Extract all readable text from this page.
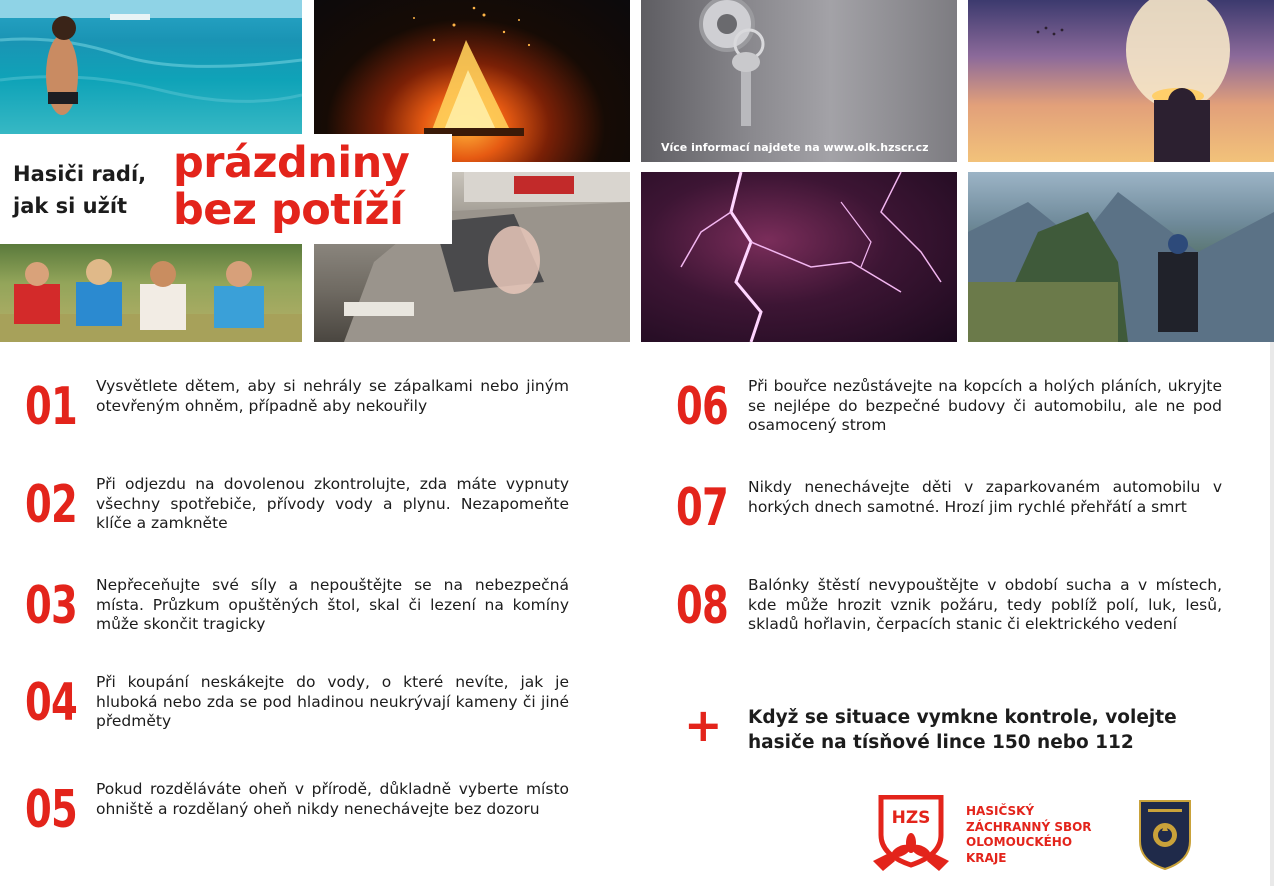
Více informací najdete na www.olk.hzscr.cz
Hasiči radí, jak si užít
prázdniny
bez potíží
01 Vysvětlete dětem, aby si nehrály se zápalkami nebo jiným otevřeným ohněm, případně aby nekouřily
02 Při odjezdu na dovolenou zkontrolujte, zda máte vypnuty všechny spotřebiče, přívody vody a plynu. Nezapomeňte klíče a zamkněte
03 Nepřeceňujte své síly a nepouštějte se na nebezpečná místa. Průzkum opuštěných štol, skal či lezení na komíny může skončit tragicky
04 Při koupání neskákejte do vody, o které nevíte, jak je hluboká nebo zda se pod hladinou neukrývají kameny či jiné předměty
05 Pokud rozděláváte oheň v přírodě, důkladně vyberte místo ohniště a rozdělaný oheň nikdy nenechávejte bez dozoru
06 Při bouřce nezůstávejte na kopcích a holých pláních, ukryjte se nejlépe do bezpečné budovy či automobilu, ale ne pod osamocený strom
07 Nikdy nenechávejte děti v zaparkovaném automobilu v horkých dnech samotné. Hrozí jim rychlé přehřátí a smrt
08 Balónky štěstí nevypouštějte v období sucha a v místech, kde může hrozit vznik požáru, tedy poblíž polí, luk, lesů, skladů hořlavin, čerpacích stanic či elektrického vedení
+ Když se situace vymkne kontrole, volejte hasiče na tísňové lince 150 nebo 112
HZS	HASIČSKÝ
ZÁCHRANNÝ SBOR
OLOMOUCKÉHO
KRAJE
